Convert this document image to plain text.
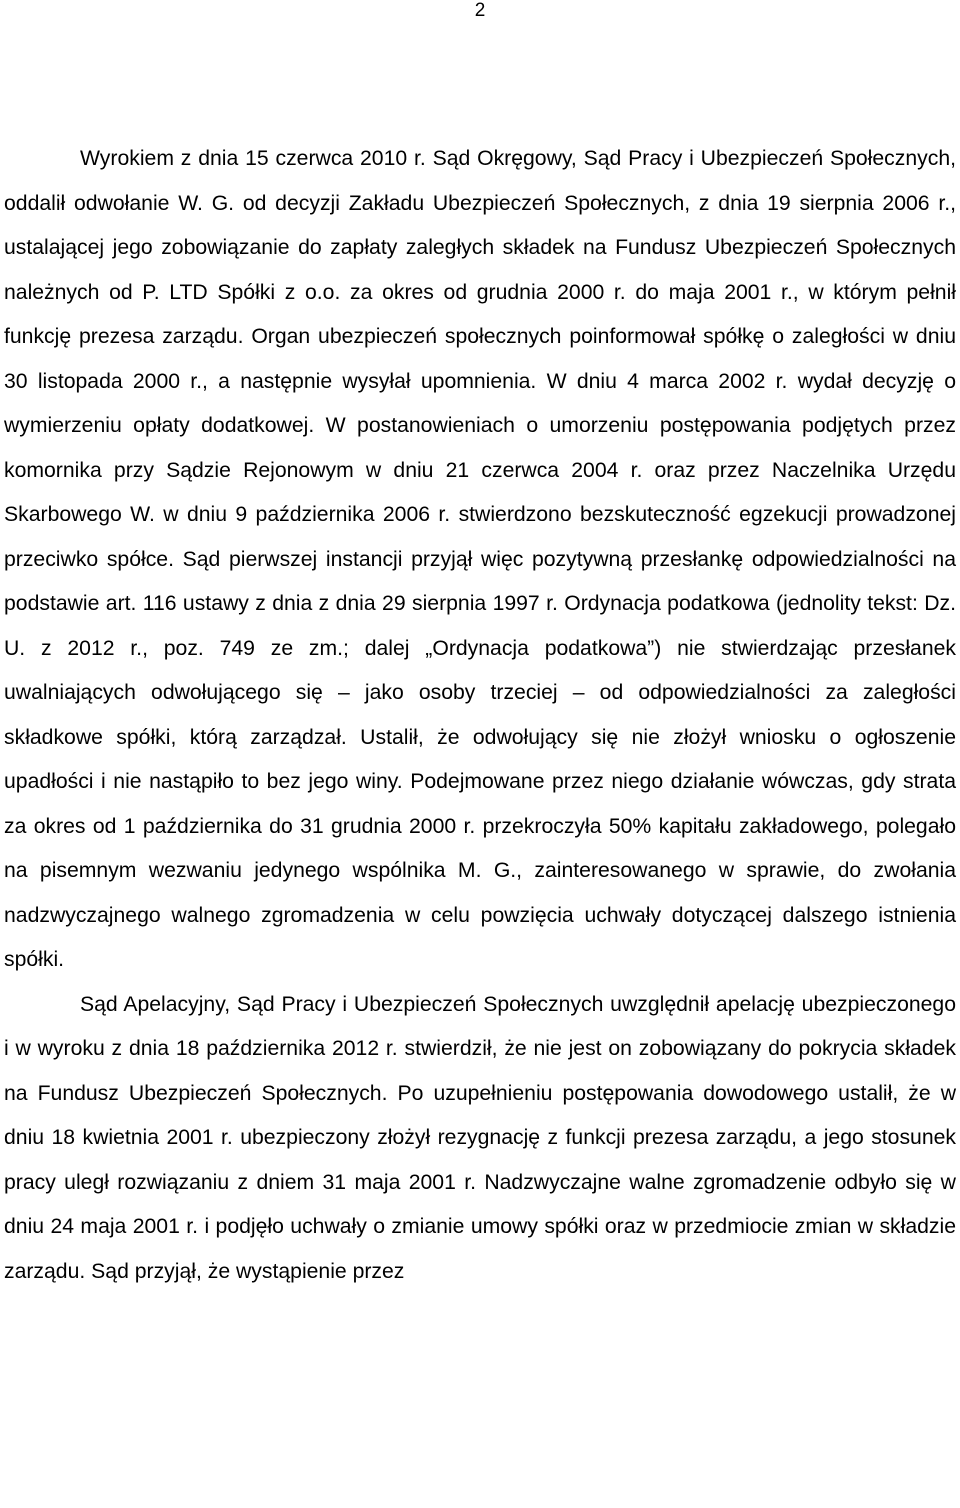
2

Wyrokiem z dnia 15 czerwca 2010 r. Sąd Okręgowy, Sąd Pracy i Ubezpieczeń Społecznych, oddalił odwołanie W. G. od decyzji Zakładu Ubezpieczeń Społecznych, z dnia 19 sierpnia 2006 r., ustalającej jego zobowiązanie do zapłaty zaległych składek na Fundusz Ubezpieczeń Społecznych należnych od P. LTD Spółki z o.o. za okres od grudnia 2000 r. do maja 2001 r., w którym pełnił funkcję prezesa zarządu. Organ ubezpieczeń społecznych poinformował spółkę o zaległości w dniu 30 listopada 2000 r., a następnie wysyłał upomnienia. W dniu 4 marca 2002 r. wydał decyzję o wymierzeniu opłaty dodatkowej. W postanowieniach o umorzeniu postępowania podjętych przez komornika przy Sądzie Rejonowym w dniu 21 czerwca 2004 r. oraz przez Naczelnika Urzędu Skarbowego W. w dniu 9 października 2006 r. stwierdzono bezskuteczność egzekucji prowadzonej przeciwko spółce. Sąd pierwszej instancji przyjął więc pozytywną przesłankę odpowiedzialności na podstawie art. 116 ustawy z dnia z dnia 29 sierpnia 1997 r. Ordynacja podatkowa (jednolity tekst: Dz. U. z 2012 r., poz. 749 ze zm.; dalej „Ordynacja podatkowa”) nie stwierdzając przesłanek uwalniających odwołującego się – jako osoby trzeciej – od odpowiedzialności za zaległości składkowe spółki, którą zarządzał. Ustalił, że odwołujący się nie złożył wniosku o ogłoszenie upadłości i nie nastąpiło to bez jego winy. Podejmowane przez niego działanie wówczas, gdy strata za okres od 1 października do 31 grudnia 2000 r. przekroczyła 50% kapitału zakładowego, polegało na pisemnym wezwaniu jedynego wspólnika M. G., zainteresowanego w sprawie, do zwołania nadzwyczajnego walnego zgromadzenia w celu powzięcia uchwały dotyczącej dalszego istnienia spółki.

Sąd Apelacyjny, Sąd Pracy i Ubezpieczeń Społecznych uwzględnił apelację ubezpieczonego i w wyroku z dnia 18 października 2012 r. stwierdził, że nie jest on zobowiązany do pokrycia składek na Fundusz Ubezpieczeń Społecznych. Po uzupełnieniu postępowania dowodowego ustalił, że w dniu 18 kwietnia 2001 r. ubezpieczony złożył rezygnację z funkcji prezesa zarządu, a jego stosunek pracy uległ rozwiązaniu z dniem 31 maja 2001 r. Nadzwyczajne walne zgromadzenie odbyło się w dniu 24 maja 2001 r. i podjęło uchwały o zmianie umowy spółki oraz w przedmiocie zmian w składzie zarządu. Sąd przyjął, że wystąpienie przez
